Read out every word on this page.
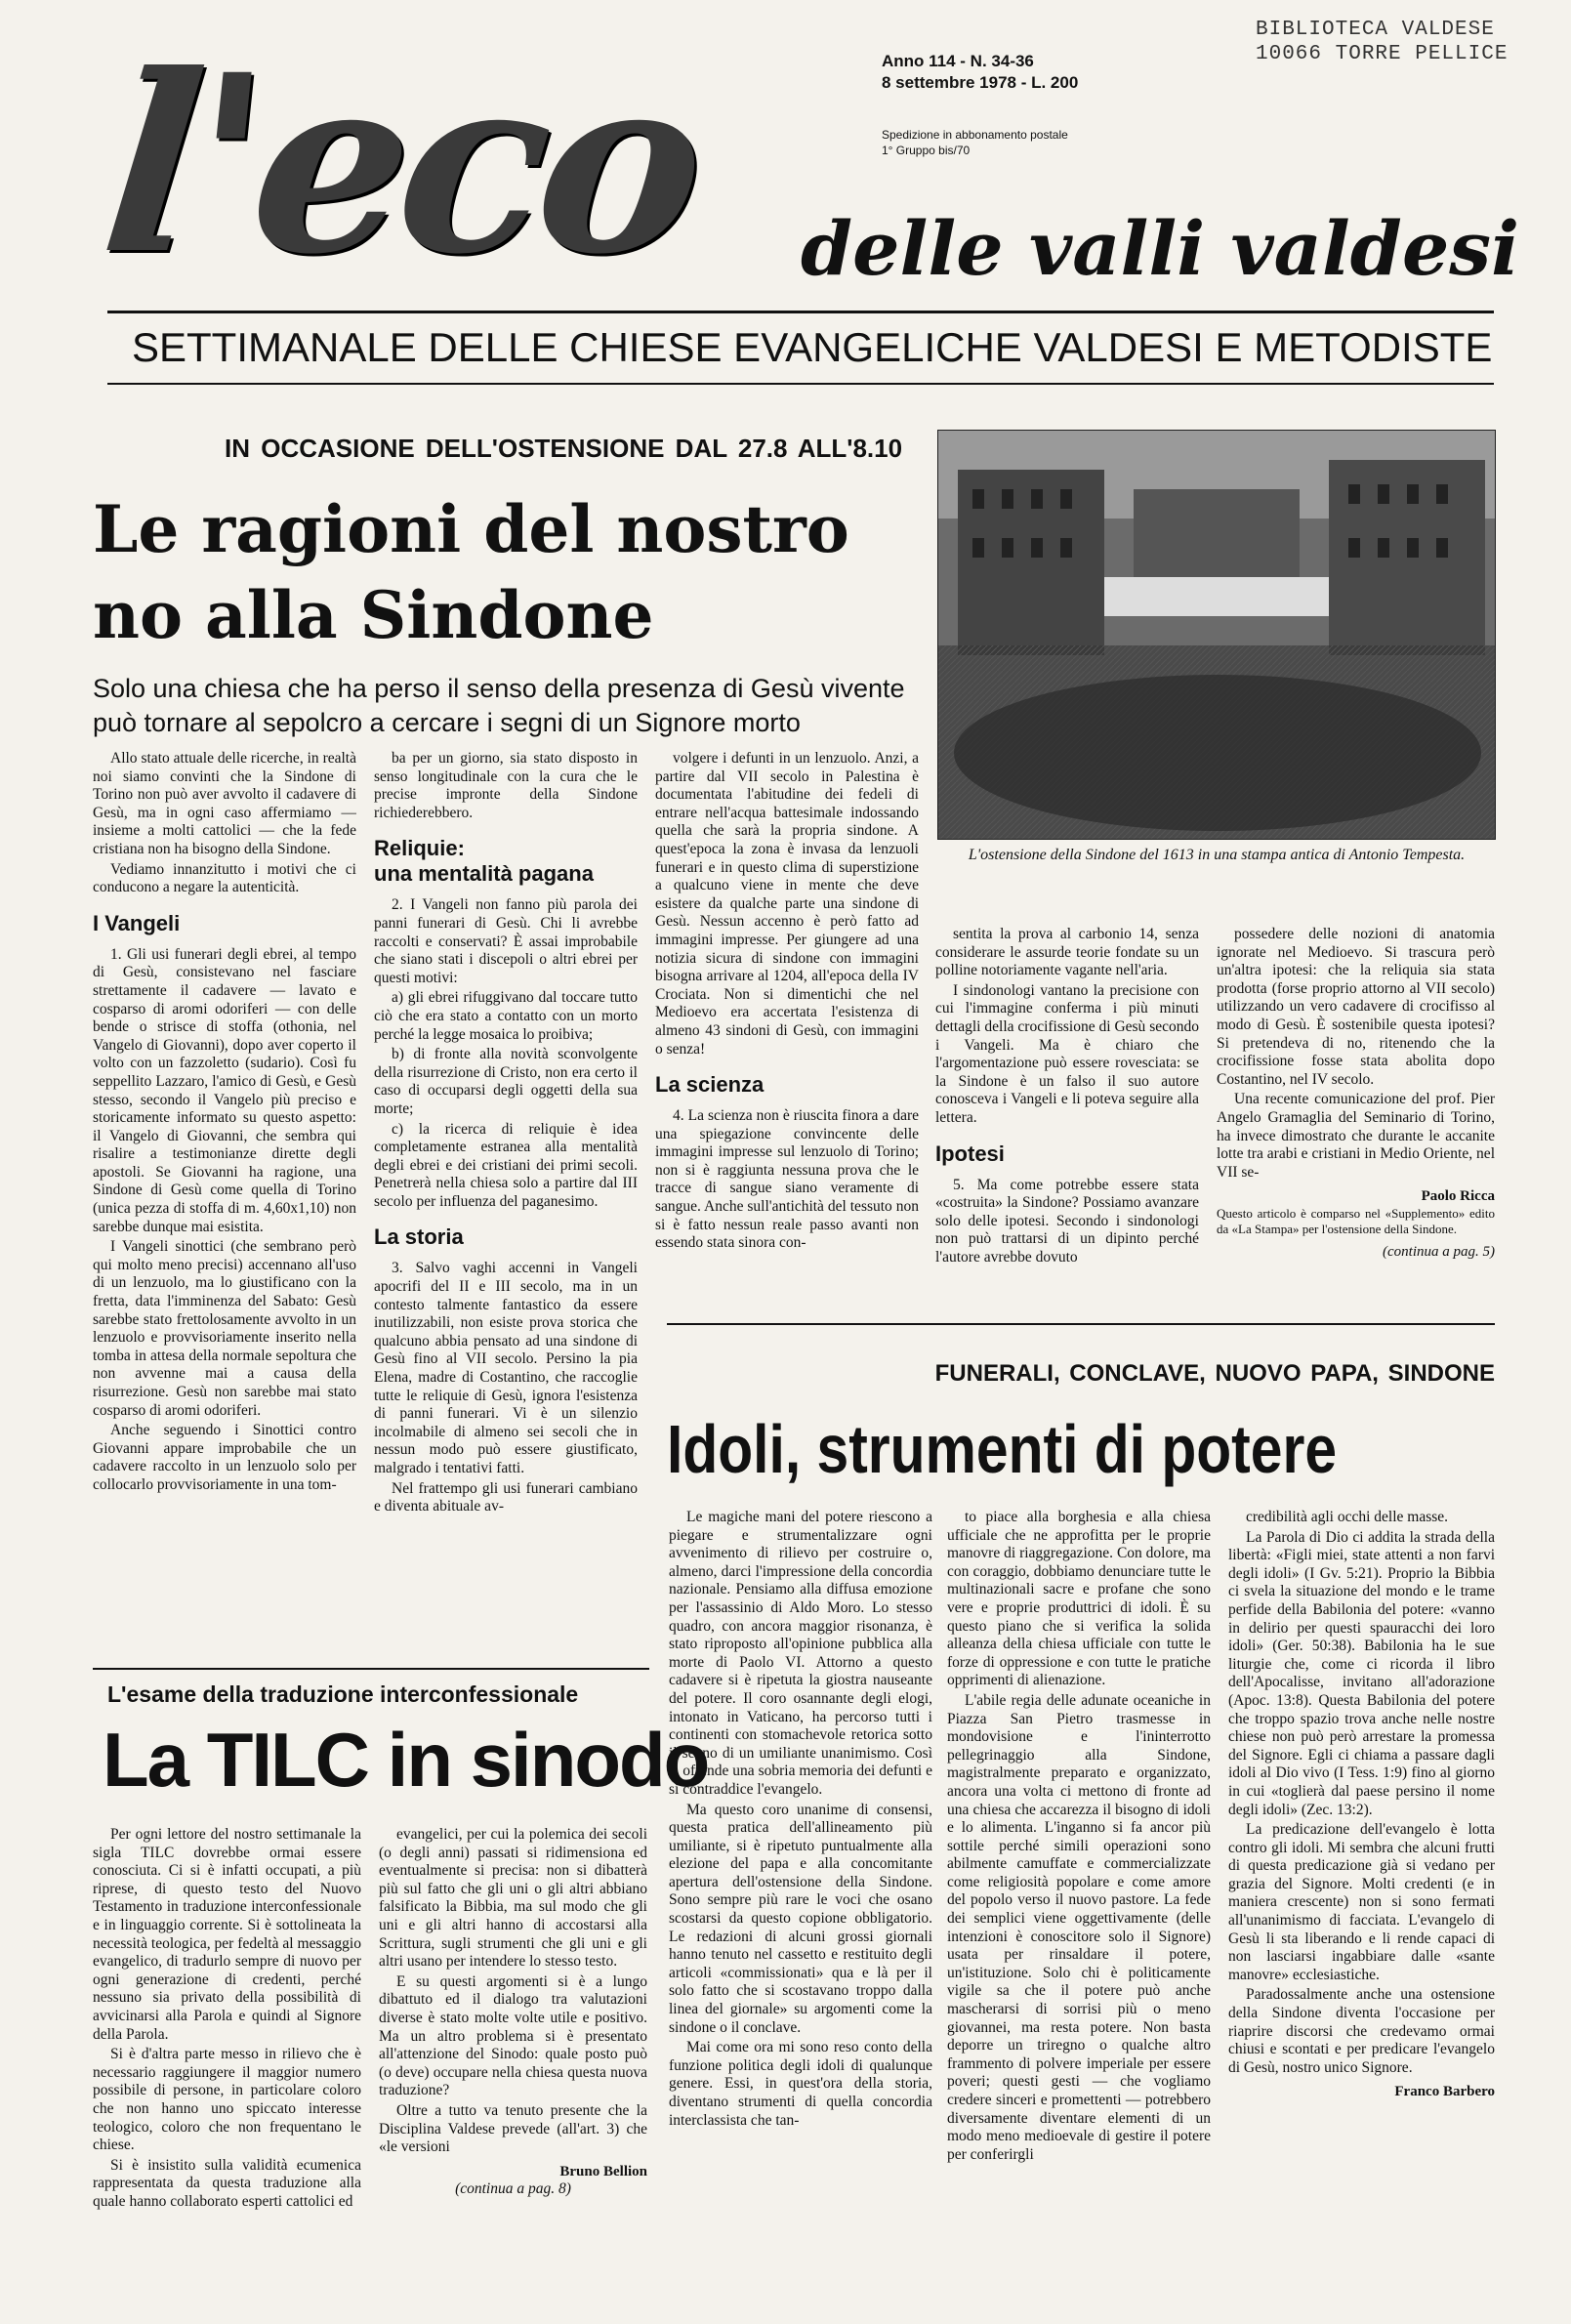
BIBLIOTECA VALDESE
10066 TORRE PELLICE
Anno 114 - N. 34-36
8 settembre 1978 - L. 200
Spedizione in abbonamento postale
1° Gruppo bis/70
l'eco	delle valli valdesi
SETTIMANALE DELLE CHIESE EVANGELICHE VALDESI E METODISTE
IN OCCASIONE DELL'OSTENSIONE DAL 27.8 ALL'8.10
Le ragioni del nostro
no alla Sindone
Solo una chiesa che ha perso il senso della presenza di Gesù vivente
può tornare al sepolcro a cercare i segni di un Signore morto
L'ostensione della Sindone del 1613 in una stampa antica di Antonio Tempesta.

Allo stato attuale delle ricerche, in realtà noi siamo convinti che la Sindone di Torino non può aver avvolto il cadavere di Gesù, ma in ogni caso affermiamo — insieme a molti cattolici — che la fede cristiana non ha bisogno della Sindone.

Vediamo innanzitutto i motivi che ci conducono a negare la autenticità.

I Vangeli

1. Gli usi funerari degli ebrei, al tempo di Gesù, consistevano nel fasciare strettamente il cadavere — lavato e cosparso di aromi odoriferi — con delle bende o strisce di stoffa (othonia, nel Vangelo di Giovanni), dopo aver coperto il volto con un fazzoletto (sudario). Così fu seppellito Lazzaro, l'amico di Gesù, e Gesù stesso, secondo il Vangelo più preciso e storicamente informato su questo aspetto: il Vangelo di Giovanni, che sembra qui risalire a testimonianze dirette degli apostoli. Se Giovanni ha ragione, una Sindone di Gesù come quella di Torino (unica pezza di stoffa di m. 4,60x1,10) non sarebbe dunque mai esistita.

I Vangeli sinottici (che sembrano però qui molto meno precisi) accennano all'uso di un lenzuolo, ma lo giustificano con la fretta, data l'imminenza del Sabato: Gesù sarebbe stato frettolosamente avvolto in un lenzuolo e provvisoriamente inserito nella tomba in attesa della normale sepoltura che non avvenne mai a causa della risurrezione. Gesù non sarebbe mai stato cosparso di aromi odoriferi.

Anche seguendo i Sinottici contro Giovanni appare improbabile che un cadavere raccolto in un lenzuolo solo per collocarlo provvisoriamente in una tom-

ba per un giorno, sia stato disposto in senso longitudinale con la cura che le precise impronte della Sindone richiederebbero.

Reliquie:
una mentalità pagana

2. I Vangeli non fanno più parola dei panni funerari di Gesù. Chi li avrebbe raccolti e conservati? È assai improbabile che siano stati i discepoli o altri ebrei per questi motivi:

a) gli ebrei rifuggivano dal toccare tutto ciò che era stato a contatto con un morto perché la legge mosaica lo proibiva;

b) di fronte alla novità sconvolgente della risurrezione di Cristo, non era certo il caso di occuparsi degli oggetti della sua morte;

c) la ricerca di reliquie è idea completamente estranea alla mentalità degli ebrei e dei cristiani dei primi secoli. Penetrerà nella chiesa solo a partire dal III secolo per influenza del paganesimo.

La storia

3. Salvo vaghi accenni in Vangeli apocrifi del II e III secolo, ma in un contesto talmente fantastico da essere inutilizzabili, non esiste prova storica che qualcuno abbia pensato ad una sindone di Gesù fino al VII secolo. Persino la pia Elena, madre di Costantino, che raccoglie tutte le reliquie di Gesù, ignora l'esistenza di panni funerari. Vi è un silenzio incolmabile di almeno sei secoli che in nessun modo può essere giustificato, malgrado i tentativi fatti.

Nel frattempo gli usi funerari cambiano e diventa abituale av-

volgere i defunti in un lenzuolo. Anzi, a partire dal VII secolo in Palestina è documentata l'abitudine dei fedeli di entrare nell'acqua battesimale indossando quella che sarà la propria sindone. A quest'epoca la zona è invasa da lenzuoli funerari e in questo clima di superstizione a qualcuno viene in mente che deve esistere da qualche parte una sindone di Gesù. Nessun accenno è però fatto ad immagini impresse. Per giungere ad una notizia sicura di sindone con immagini bisogna arrivare al 1204, all'epoca della IV Crociata. Non si dimentichi che nel Medioevo era accertata l'esistenza di almeno 43 sindoni di Gesù, con immagini o senza!

La scienza

4. La scienza non è riuscita finora a dare una spiegazione convincente delle immagini impresse sul lenzuolo di Torino; non si è raggiunta nessuna prova che le tracce di sangue siano veramente di sangue. Anche sull'antichità del tessuto non si è fatto nessun reale passo avanti non essendo stata sinora con-

sentita la prova al carbonio 14, senza considerare le assurde teorie fondate su un polline notoriamente vagante nell'aria.

I sindonologi vantano la precisione con cui l'immagine conferma i più minuti dettagli della crocifissione di Gesù secondo i Vangeli. Ma è chiaro che l'argomentazione può essere rovesciata: se la Sindone è un falso il suo autore conosceva i Vangeli e li poteva seguire alla lettera.

Ipotesi

5. Ma come potrebbe essere stata «costruita» la Sindone? Possiamo avanzare solo delle ipotesi. Secondo i sindonologi non può trattarsi di un dipinto perché l'autore avrebbe dovuto

possedere delle nozioni di anatomia ignorate nel Medioevo. Si trascura però un'altra ipotesi: che la reliquia sia stata prodotta (forse proprio attorno al VII secolo) utilizzando un vero cadavere di crocifisso al modo di Gesù. È sostenibile questa ipotesi? Si pretendeva di no, ritenendo che la crocifissione fosse stata abolita dopo Costantino, nel IV secolo.

Una recente comunicazione del prof. Pier Angelo Gramaglia del Seminario di Torino, ha invece dimostrato che durante le accanite lotte tra arabi e cristiani in Medio Oriente, nel VII se-

Paolo Ricca

Questo articolo è comparso nel «Supplemento» edito da «La Stampa» per l'ostensione della Sindone.

(continua a pag. 5)

FUNERALI, CONCLAVE, NUOVO PAPA, SINDONE
Idoli, strumenti di potere

Le magiche mani del potere riescono a piegare e strumentalizzare ogni avvenimento di rilievo per costruire o, almeno, darci l'impressione della concordia nazionale. Pensiamo alla diffusa emozione per l'assassinio di Aldo Moro. Lo stesso quadro, con ancora maggior risonanza, è stato riproposto all'opinione pubblica alla morte di Paolo VI. Attorno a questo cadavere si è ripetuta la giostra nauseante del potere. Il coro osannante degli elogi, intonato in Vaticano, ha percorso tutti i continenti con stomachevole retorica sotto il segno di un umiliante unanimismo. Così si offende una sobria memoria dei defunti e si contraddice l'evangelo.

Ma questo coro unanime di consensi, questa pratica dell'allineamento più umiliante, si è ripetuto puntualmente alla elezione del papa e alla concomitante apertura dell'ostensione della Sindone. Sono sempre più rare le voci che osano scostarsi da questo copione obbligatorio. Le redazioni di alcuni grossi giornali hanno tenuto nel cassetto e restituito degli articoli «commissionati» qua e là per il solo fatto che si scostavano troppo dalla linea del giornale» su argomenti come la sindone o il conclave.

Mai come ora mi sono reso conto della funzione politica degli idoli di qualunque genere. Essi, in quest'ora della storia, diventano strumenti di quella concordia interclassista che tan-

to piace alla borghesia e alla chiesa ufficiale che ne approfitta per le proprie manovre di riaggregazione. Con dolore, ma con coraggio, dobbiamo denunciare tutte le multinazionali sacre e profane che sono vere e proprie produttrici di idoli. È su questo piano che si verifica la solida alleanza della chiesa ufficiale con tutte le forze di oppressione e con tutte le pratiche opprimenti di alienazione.

L'abile regia delle adunate oceaniche in Piazza San Pietro trasmesse in mondovisione e l'ininterrotto pellegrinaggio alla Sindone, magistralmente preparato e organizzato, ancora una volta ci mettono di fronte ad una chiesa che accarezza il bisogno di idoli e lo alimenta. L'inganno si fa ancor più sottile perché simili operazioni sono abilmente camuffate e commercializzate come religiosità popolare e come amore del popolo verso il nuovo pastore. La fede dei semplici viene oggettivamente (delle intenzioni è conoscitore solo il Signore) usata per rinsaldare il potere, un'istituzione. Solo chi è politicamente vigile sa che il potere può anche mascherarsi di sorrisi più o meno giovannei, ma resta potere. Non basta deporre un triregno o qualche altro frammento di polvere imperiale per essere poveri; questi gesti — che vogliamo credere sinceri e promettenti — potrebbero diversamente diventare elementi di un modo meno medioevale di gestire il potere per conferirgli

credibilità agli occhi delle masse.

La Parola di Dio ci addita la strada della libertà: «Figli miei, state attenti a non farvi degli idoli» (I Gv. 5:21). Proprio la Bibbia ci svela la situazione del mondo e le trame perfide della Babilonia del potere: «vanno in delirio per questi spauracchi dei loro idoli» (Ger. 50:38). Babilonia ha le sue liturgie che, come ci ricorda il libro dell'Apocalisse, invitano all'adorazione (Apoc. 13:8). Questa Babilonia del potere che troppo spazio trova anche nelle nostre chiese non può però arrestare la promessa del Signore. Egli ci chiama a passare dagli idoli al Dio vivo (I Tess. 1:9) fino al giorno in cui «toglierà dal paese persino il nome degli idoli» (Zec. 13:2).

La predicazione dell'evangelo è lotta contro gli idoli. Mi sembra che alcuni frutti di questa predicazione già si vedano per grazia del Signore. Molti credenti (e in maniera crescente) non si sono fermati all'unanimismo di facciata. L'evangelo di Gesù li sta liberando e li rende capaci di non lasciarsi ingabbiare dalle «sante manovre» ecclesiastiche.

Paradossalmente anche una ostensione della Sindone diventa l'occasione per riaprire discorsi che credevamo ormai chiusi e scontati e per predicare l'evangelo di Gesù, nostro unico Signore.

Franco Barbero
L'esame della traduzione interconfessionale
La TILC in sinodo

Per ogni lettore del nostro settimanale la sigla TILC dovrebbe ormai essere conosciuta. Ci si è infatti occupati, a più riprese, di questo testo del Nuovo Testamento in traduzione interconfessionale e in linguaggio corrente. Si è sottolineata la necessità teologica, per fedeltà al messaggio evangelico, di tradurlo sempre di nuovo per ogni generazione di credenti, perché nessuno sia privato della possibilità di avvicinarsi alla Parola e quindi al Signore della Parola.

Si è d'altra parte messo in rilievo che è necessario raggiungere il maggior numero possibile di persone, in particolare coloro che non hanno uno spiccato interesse teologico, coloro che non frequentano le chiese.

Si è insistito sulla validità ecumenica rappresentata da questa traduzione alla quale hanno collaborato esperti cattolici ed

evangelici, per cui la polemica dei secoli (o degli anni) passati si ridimensiona ed eventualmente si precisa: non si dibatterà più sul fatto che gli uni o gli altri abbiano falsificato la Bibbia, ma sul modo che gli uni e gli altri hanno di accostarsi alla Scrittura, sugli strumenti che gli uni e gli altri usano per intendere lo stesso testo.

E su questi argomenti si è a lungo dibattuto ed il dialogo tra valutazioni diverse è stato molte volte utile e positivo. Ma un altro problema si è presentato all'attenzione del Sinodo: quale posto può (o deve) occupare nella chiesa questa nuova traduzione?

Oltre a tutto va tenuto presente che la Disciplina Valdese prevede (all'art. 3) che «le versioni

Bruno Bellion

(continua a pag. 8)
